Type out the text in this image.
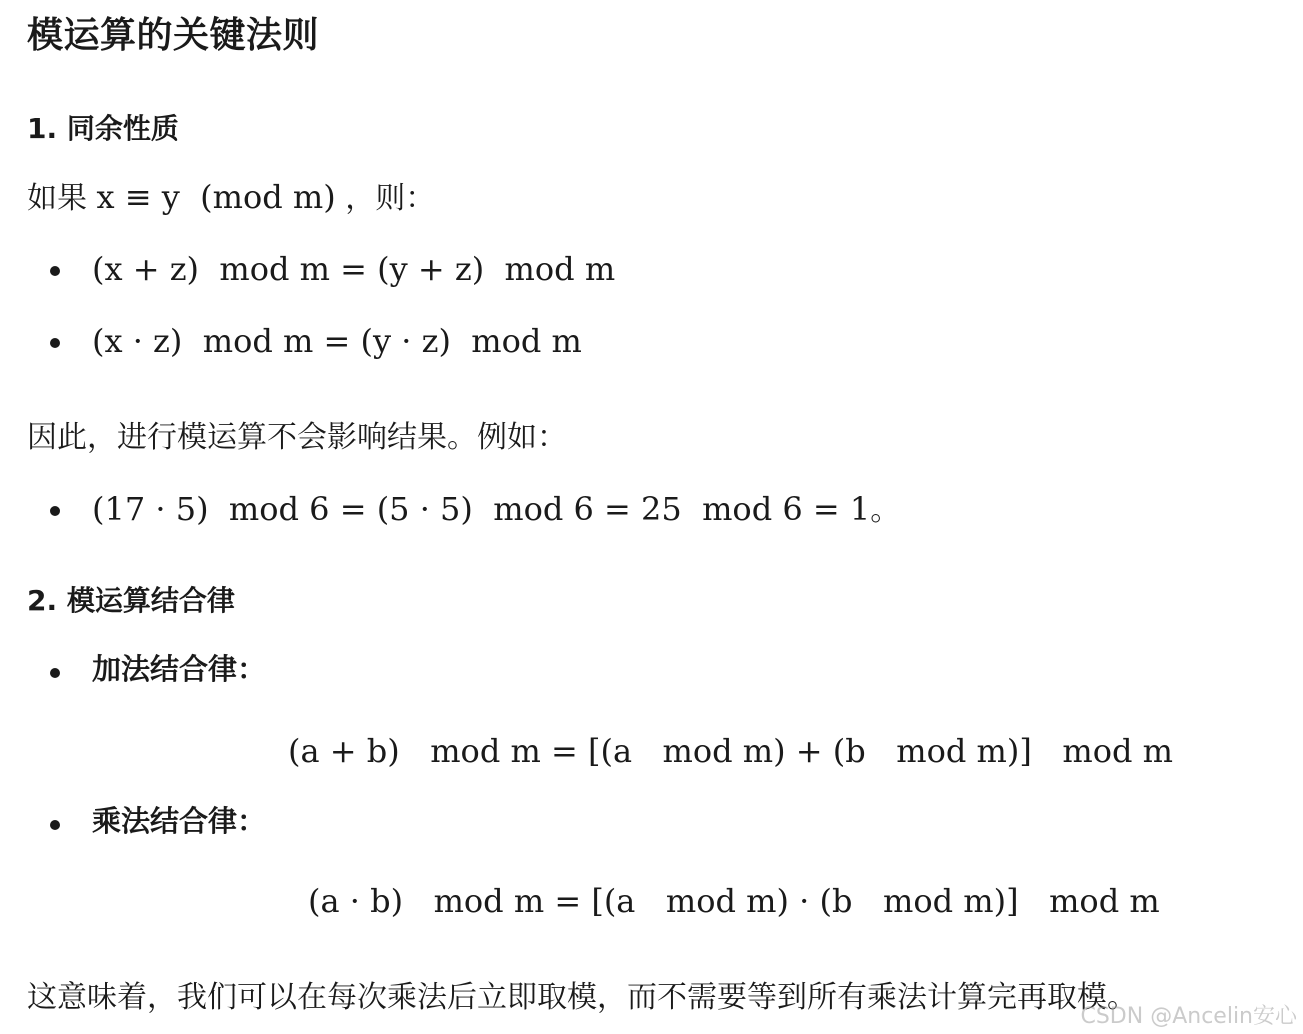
模运算的关键法则
1. 同余性质
如果 x ≡ y  (mod m) ，则：
(x + z)  mod m = (y + z)  mod m
(x · z)  mod m = (y · z)  mod m
因此，进行模运算不会影响结果。例如：
(17 · 5)  mod 6 = (5 · 5)  mod 6 = 25  mod 6 = 1。
2. 模运算结合律
加法结合律：
(a + b)   mod m = [(a   mod m) + (b   mod m)]   mod m
乘法结合律：
(a · b)   mod m = [(a   mod m) · (b   mod m)]   mod m
这意味着，我们可以在每次乘法后立即取模，而不需要等到所有乘法计算完再取模。
CSDN @Ancelin安心
